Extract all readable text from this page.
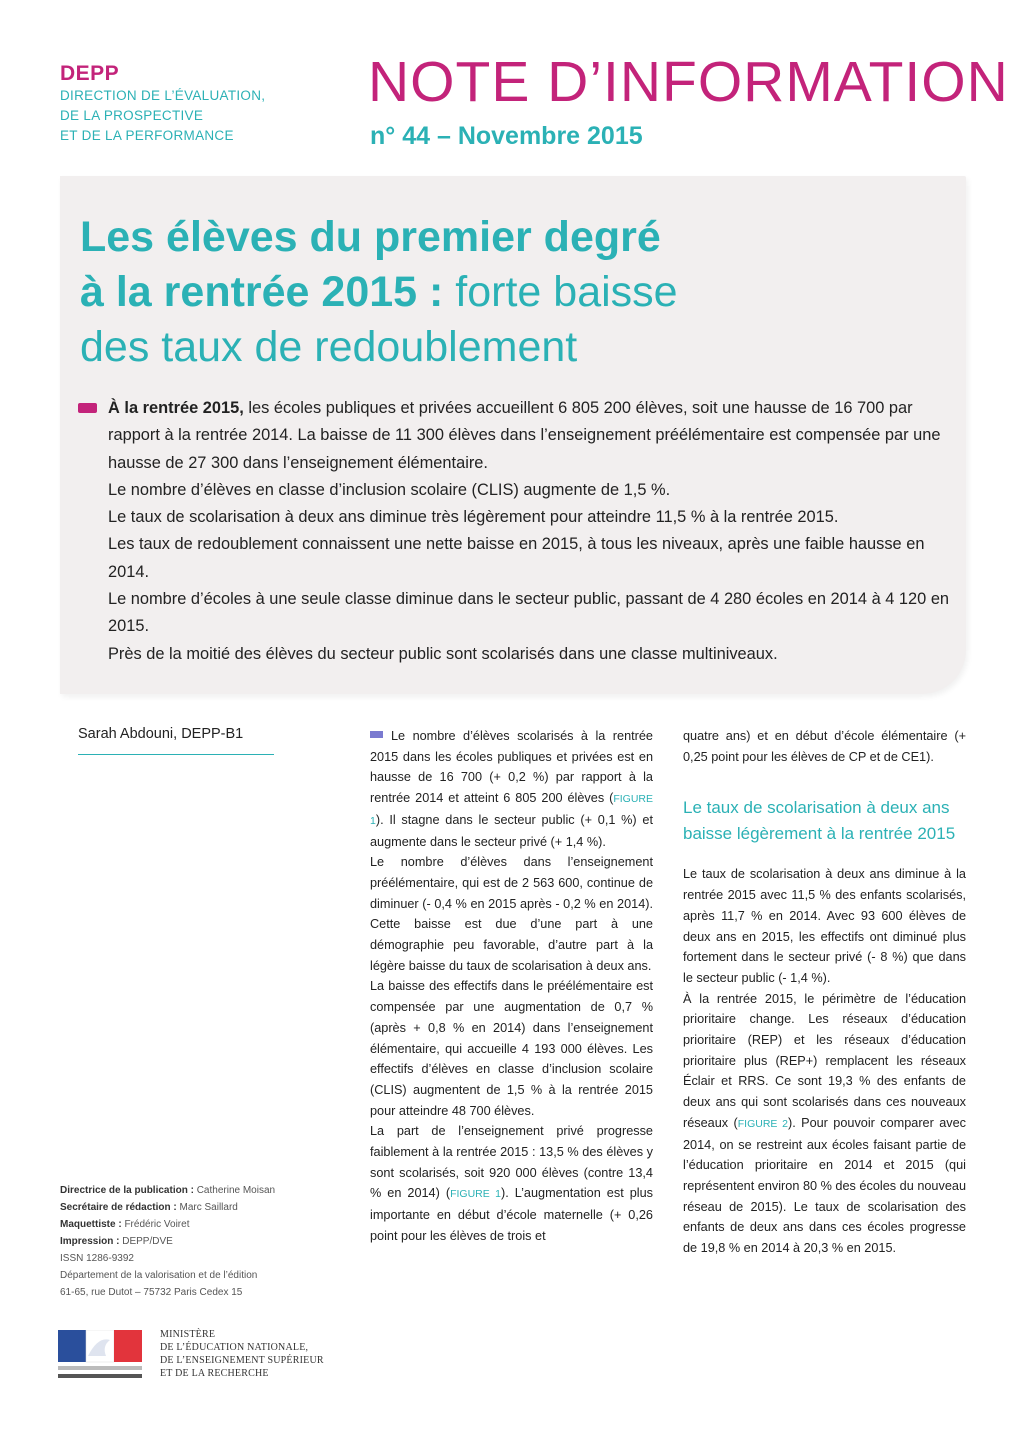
DEPP
DIRECTION DE L’ÉVALUATION,
DE LA PROSPECTIVE
ET DE LA PERFORMANCE
NOTE D’INFORMATION
n° 44 – Novembre 2015
Les élèves du premier degré
à la rentrée 2015 : forte baisse
des taux de redoublement

À la rentrée 2015, les écoles publiques et privées accueillent 6 805 200 élèves, soit une hausse de 16 700 par rapport à la rentrée 2014. La baisse de 11 300 élèves dans l’enseignement préélémentaire est compensée par une hausse de 27 300 dans l’enseignement élémentaire.

Le nombre d’élèves en classe d’inclusion scolaire (CLIS) augmente de 1,5 %.

Le taux de scolarisation à deux ans diminue très légèrement pour atteindre 11,5 % à la rentrée 2015.

Les taux de redoublement connaissent une nette baisse en 2015, à tous les niveaux, après une faible hausse en 2014.

Le nombre d’écoles à une seule classe diminue dans le secteur public, passant de 4 280 écoles en 2014 à 4 120 en 2015.

Près de la moitié des élèves du secteur public sont scolarisés dans une classe multiniveaux.

Sarah Abdouni, DEPP-B1	Le nombre d’élèves scolarisés à la rentrée 2015 dans les écoles publiques et privées est en hausse de 16 700 (+ 0,2 %) par rapport à la rentrée 2014 et atteint 6 805 200 élèves (FIGURE 1). Il stagne dans le secteur public (+ 0,1 %) et augmente dans le secteur privé (+ 1,4 %).

Le nombre d’élèves dans l’enseignement préélémentaire, qui est de 2 563 600, continue de diminuer (- 0,4 % en 2015 après - 0,2 % en 2014). Cette baisse est due d’une part à une démographie peu favorable, d’autre part à la légère baisse du taux de scolarisation à deux ans.

La baisse des effectifs dans le préélémentaire est compensée par une augmentation de 0,7 % (après + 0,8 % en 2014) dans l’enseignement élémentaire, qui accueille 4 193 000 élèves. Les effectifs d’élèves en classe d’inclusion scolaire (CLIS) augmentent de 1,5 % à la rentrée 2015 pour atteindre 48 700 élèves.

La part de l’enseignement privé progresse faiblement à la rentrée 2015 : 13,5 % des élèves y sont scolarisés, soit 920 000 élèves (contre 13,4 % en 2014) (FIGURE 1). L’augmentation est plus importante en début d’école maternelle (+ 0,26 point pour les élèves de trois et

quatre ans) et en début d’école élémentaire (+ 0,25 point pour les élèves de CP et de CE1).

Le taux de scolarisation à deux ans baisse légèrement à la rentrée 2015

Le taux de scolarisation à deux ans diminue à la rentrée 2015 avec 11,5 % des enfants scolarisés, après 11,7 % en 2014. Avec 93 600 élèves de deux ans en 2015, les effectifs ont diminué plus fortement dans le secteur privé (- 8 %) que dans le secteur public (- 1,4 %).

À la rentrée 2015, le périmètre de l’éducation prioritaire change. Les réseaux d’éducation prioritaire (REP) et les réseaux d’éducation prioritaire plus (REP+) remplacent les réseaux Éclair et RRS. Ce sont 19,3 % des enfants de deux ans qui sont scolarisés dans ces nouveaux réseaux (FIGURE 2). Pour pouvoir comparer avec 2014, on se restreint aux écoles faisant partie de l’éducation prioritaire en 2014 et 2015 (qui représentent environ 80 % des écoles du nouveau réseau de 2015). Le taux de scolarisation des enfants de deux ans dans ces écoles progresse de 19,8 % en 2014 à 20,3 % en 2015.

Directrice de la publication : Catherine Moisan
Secrétaire de rédaction : Marc Saillard
Maquettiste : Frédéric Voiret
Impression : DEPP/DVE
ISSN 1286-9392
Département de la valorisation et de l’édition
61-65, rue Dutot – 75732 Paris Cedex 15
MINISTÈRE
DE L’ÉDUCATION NATIONALE,
DE L’ENSEIGNEMENT SUPÉRIEUR
ET DE LA RECHERCHE
